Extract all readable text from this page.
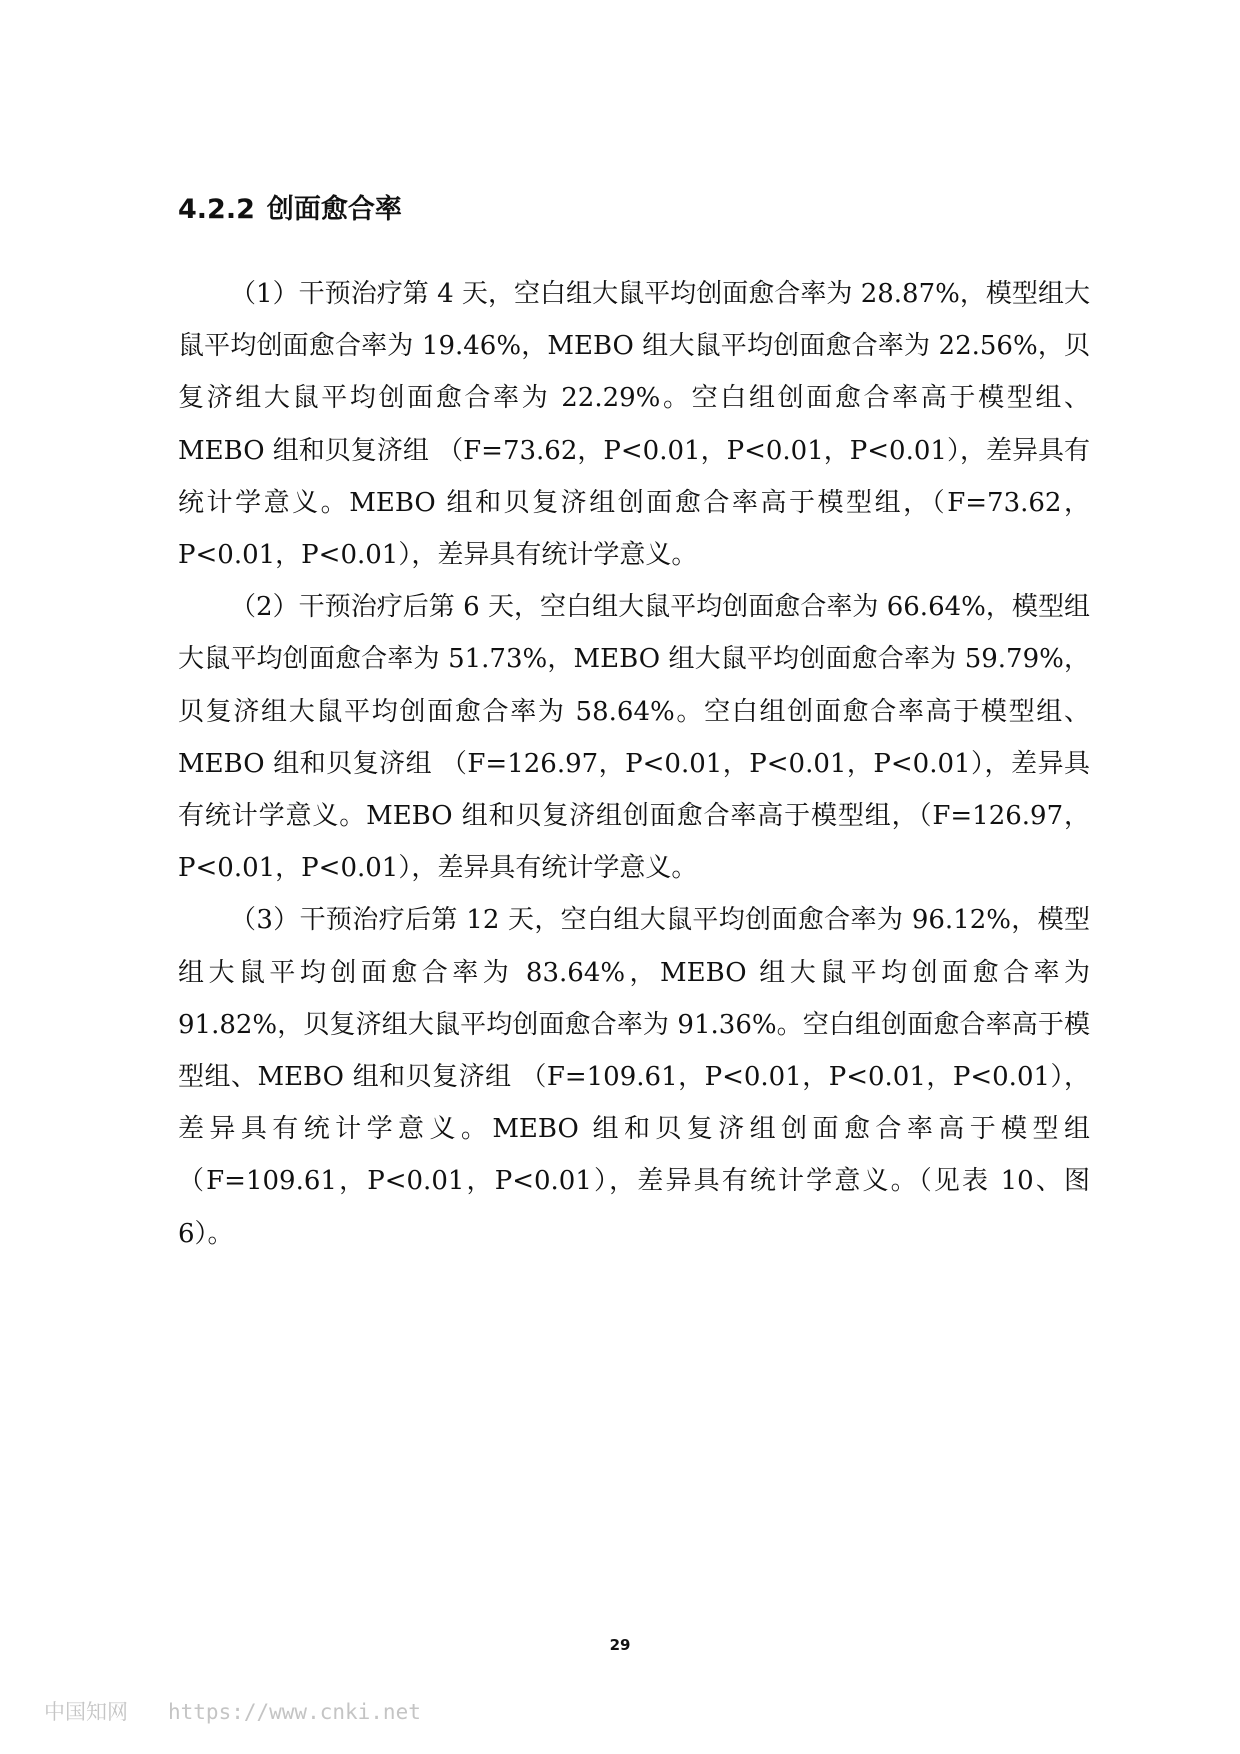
4.2.2 创面愈合率

（1）干预治疗第 4 天，空白组大鼠平均创面愈合率为 28.87%，模型组大鼠平均创面愈合率为 19.46%，MEBO 组大鼠平均创面愈合率为 22.56%，贝复济组大鼠平均创面愈合率为 22.29%。空白组创面愈合率高于模型组、MEBO 组和贝复济组 （F=73.62，P<0.01，P<0.01，P<0.01），差异具有统计学意义。MEBO 组和贝复济组创面愈合率高于模型组，（F=73.62，P<0.01，P<0.01），差异具有统计学意义。

（2）干预治疗后第 6 天，空白组大鼠平均创面愈合率为 66.64%，模型组大鼠平均创面愈合率为 51.73%，MEBO 组大鼠平均创面愈合率为 59.79%，贝复济组大鼠平均创面愈合率为 58.64%。空白组创面愈合率高于模型组、MEBO 组和贝复济组 （F=126.97，P<0.01，P<0.01，P<0.01），差异具有统计学意义。MEBO 组和贝复济组创面愈合率高于模型组，（F=126.97，P<0.01，P<0.01），差异具有统计学意义。

（3）干预治疗后第 12 天，空白组大鼠平均创面愈合率为 96.12%，模型组大鼠平均创面愈合率为 83.64%，MEBO 组大鼠平均创面愈合率为 91.82%，贝复济组大鼠平均创面愈合率为 91.36%。空白组创面愈合率高于模型组、MEBO 组和贝复济组 （F=109.61，P<0.01，P<0.01，P<0.01），差异具有统计学意义。MEBO 组和贝复济组创面愈合率高于模型组（F=109.61，P<0.01，P<0.01），差异具有统计学意义。（见表 10、图 6）。

29
中国知网 https://www.cnki.net
